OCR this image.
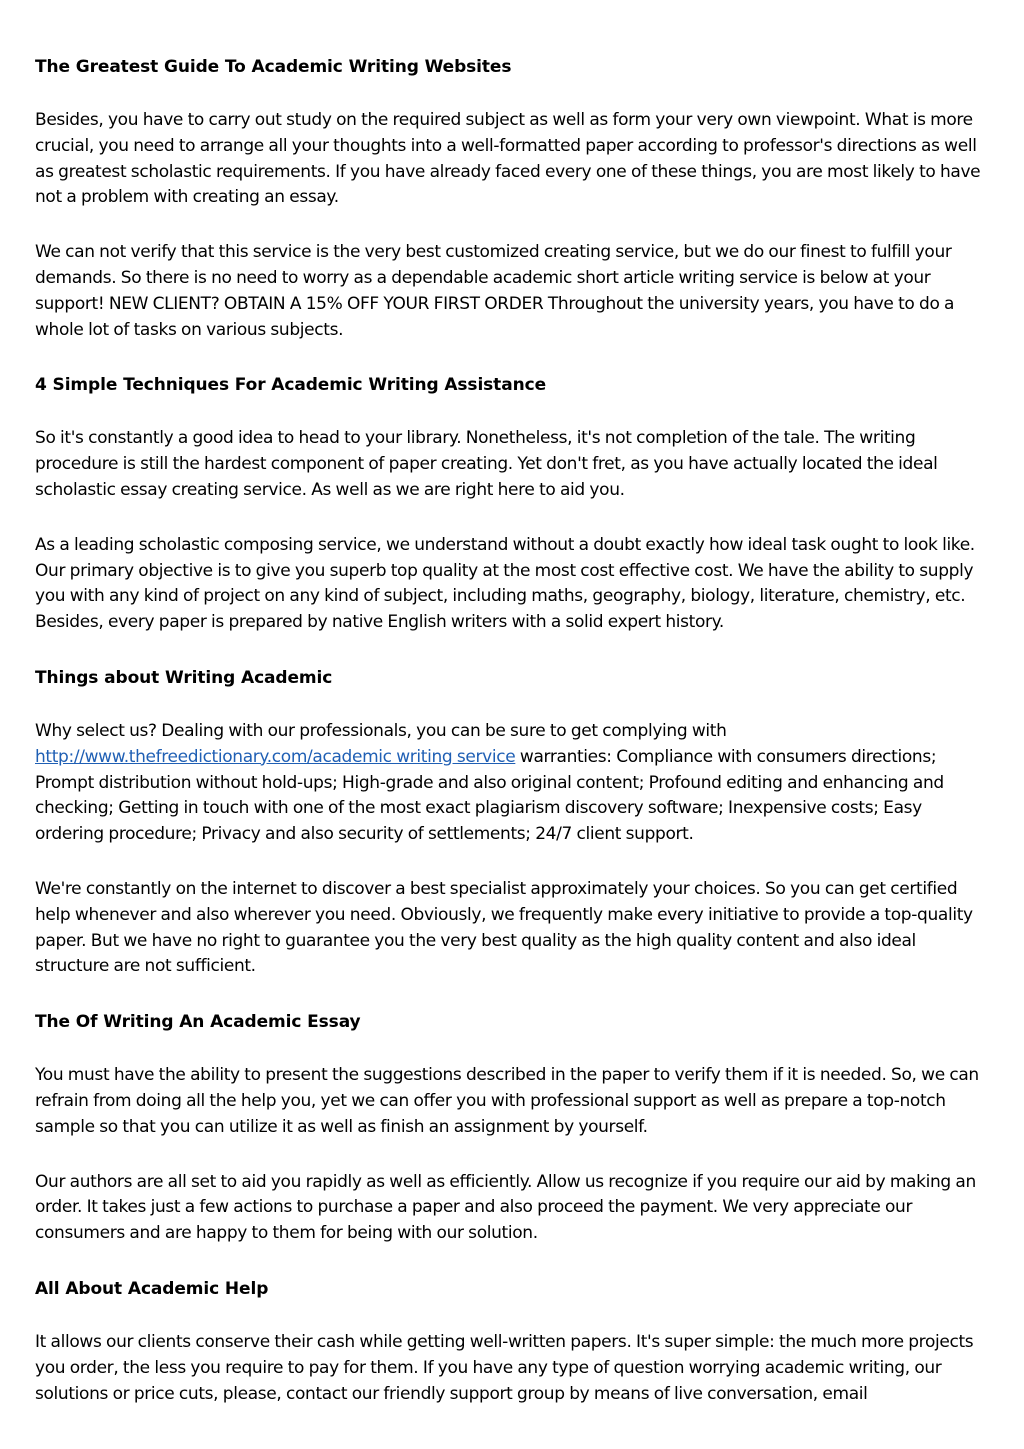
The Greatest Guide To Academic Writing Websites

Besides, you have to carry out study on the required subject as well as form your very own viewpoint. What is more crucial, you need to arrange all your thoughts into a well-formatted paper according to professor's directions as well as greatest scholastic requirements. If you have already faced every one of these things, you are most likely to have not a problem with creating an essay.

We can not verify that this service is the very best customized creating service, but we do our finest to fulfill your demands. So there is no need to worry as a dependable academic short article writing service is below at your support! NEW CLIENT? OBTAIN A 15% OFF YOUR FIRST ORDER Throughout the university years, you have to do a whole lot of tasks on various subjects.

4 Simple Techniques For Academic Writing Assistance

So it's constantly a good idea to head to your library. Nonetheless, it's not completion of the tale. The writing procedure is still the hardest component of paper creating. Yet don't fret, as you have actually located the ideal scholastic essay creating service. As well as we are right here to aid you.

As a leading scholastic composing service, we understand without a doubt exactly how ideal task ought to look like. Our primary objective is to give you superb top quality at the most cost effective cost. We have the ability to supply you with any kind of project on any kind of subject, including maths, geography, biology, literature, chemistry, etc. Besides, every paper is prepared by native English writers with a solid expert history.

Things about Writing Academic

Why select us? Dealing with our professionals, you can be sure to get complying with http://www.thefreedictionary.com/academic writing service warranties: Compliance with consumers directions; Prompt distribution without hold-ups; High-grade and also original content; Profound editing and enhancing and checking; Getting in touch with one of the most exact plagiarism discovery software; Inexpensive costs; Easy ordering procedure; Privacy and also security of settlements; 24/7 client support.

We're constantly on the internet to discover a best specialist approximately your choices. So you can get certified help whenever and also wherever you need. Obviously, we frequently make every initiative to provide a top-quality paper. But we have no right to guarantee you the very best quality as the high quality content and also ideal structure are not sufficient.

The Of Writing An Academic Essay

You must have the ability to present the suggestions described in the paper to verify them if it is needed. So, we can refrain from doing all the help you, yet we can offer you with professional support as well as prepare a top-notch sample so that you can utilize it as well as finish an assignment by yourself.

Our authors are all set to aid you rapidly as well as efficiently. Allow us recognize if you require our aid by making an order. It takes just a few actions to purchase a paper and also proceed the payment. We very appreciate our consumers and are happy to them for being with our solution.

All About Academic Help

It allows our clients conserve their cash while getting well-written papers. It's super simple: the much more projects you order, the less you require to pay for them. If you have any type of question worrying academic writing, our solutions or price cuts, please, contact our friendly support group by means of live conversation, email
